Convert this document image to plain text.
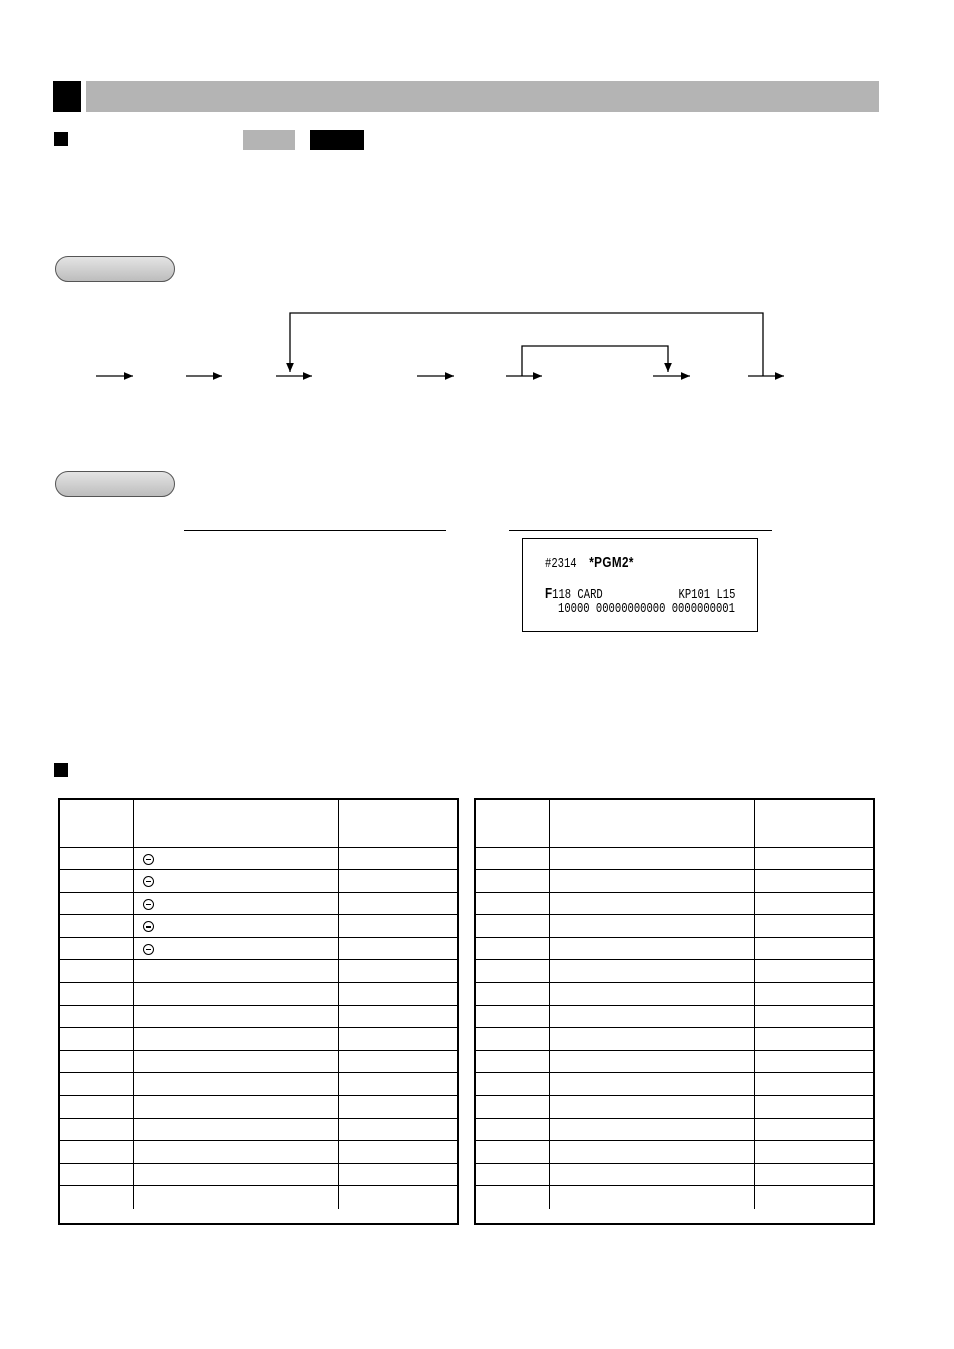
#2314 *PGM2*
F118 CARD            KP101 L15
10000 00000000000 0000000001
